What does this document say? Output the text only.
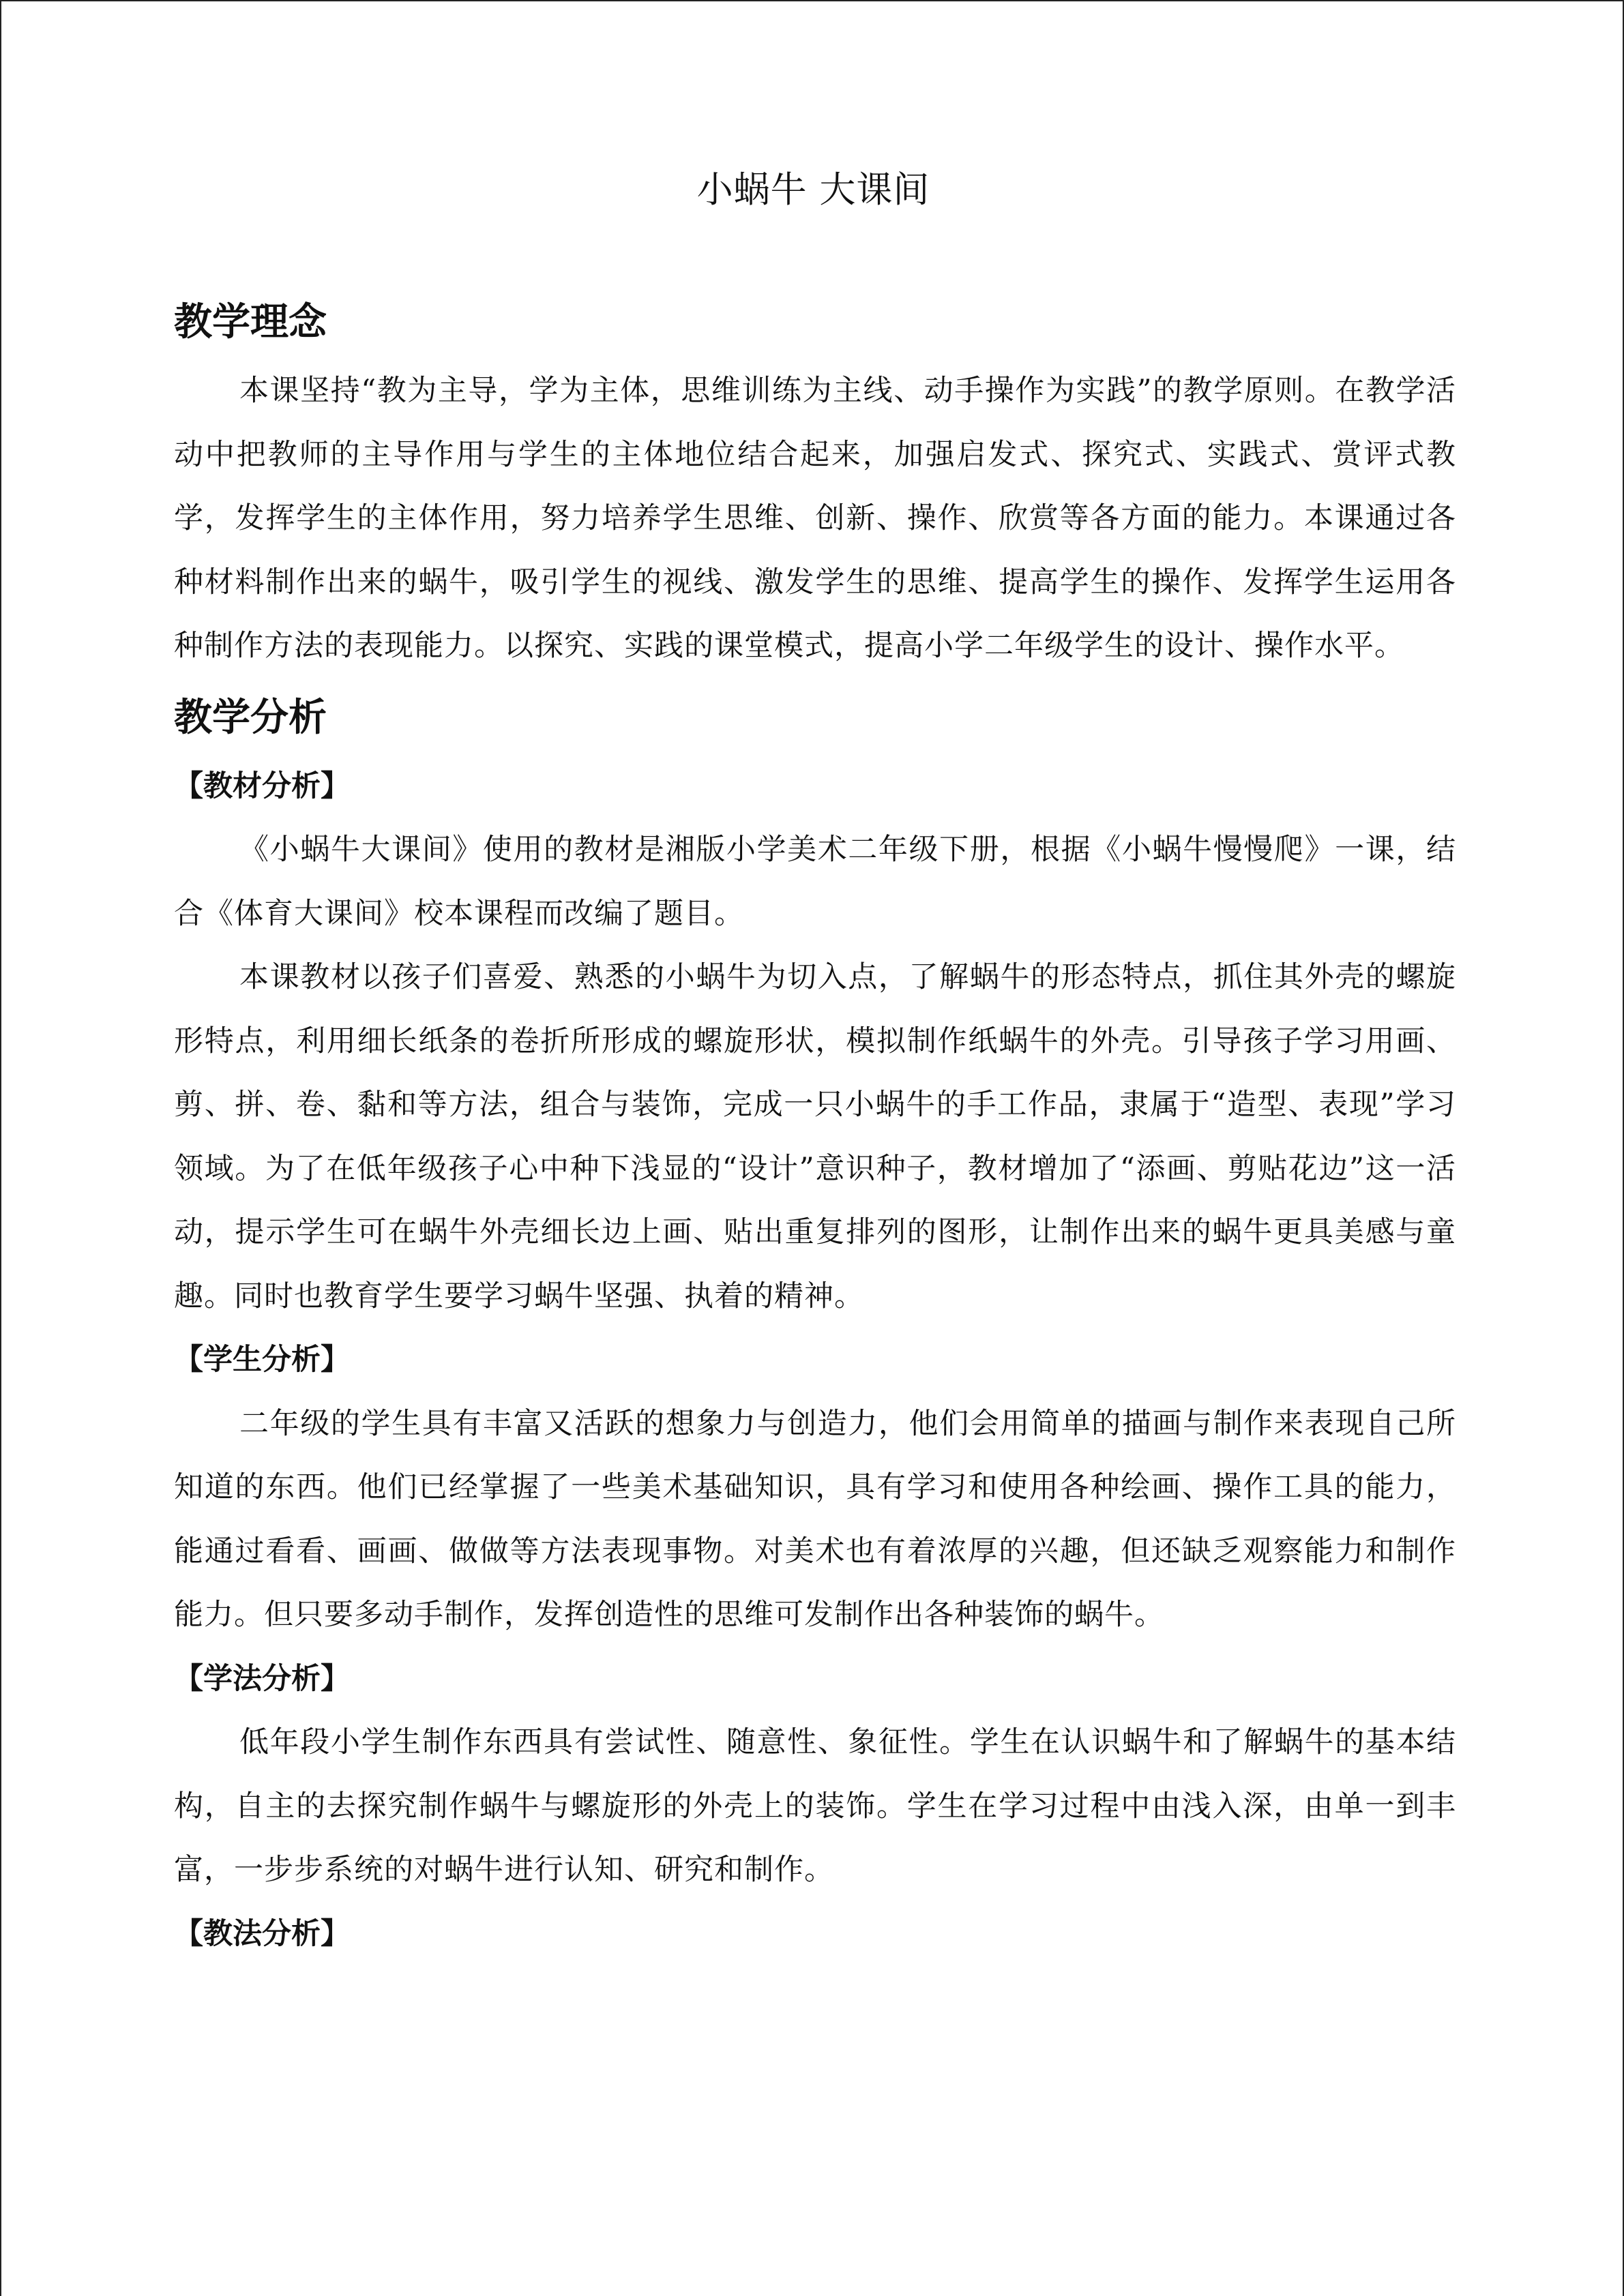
小蜗牛 大课间
教学理念

本课坚持“教为主导，学为主体，思维训练为主线、动手操作为实践”的教学原则。在教学活动中把教师的主导作用与学生的主体地位结合起来，加强启发式、探究式、实践式、赏评式教学，发挥学生的主体作用，努力培养学生思维、创新、操作、欣赏等各方面的能力。本课通过各种材料制作出来的蜗牛，吸引学生的视线、激发学生的思维、提高学生的操作、发挥学生运用各种制作方法的表现能力。以探究、实践的课堂模式，提高小学二年级学生的设计、操作水平。

教学分析
【教材分析】

《小蜗牛大课间》使用的教材是湘版小学美术二年级下册，根据《小蜗牛慢慢爬》一课，结合《体育大课间》校本课程而改编了题目。

本课教材以孩子们喜爱、熟悉的小蜗牛为切入点，了解蜗牛的形态特点，抓住其外壳的螺旋形特点，利用细长纸条的卷折所形成的螺旋形状，模拟制作纸蜗牛的外壳。引导孩子学习用画、剪、拼、卷、黏和等方法，组合与装饰，完成一只小蜗牛的手工作品，隶属于“造型、表现”学习领域。为了在低年级孩子心中种下浅显的“设计”意识种子，教材增加了“添画、剪贴花边”这一活动，提示学生可在蜗牛外壳细长边上画、贴出重复排列的图形，让制作出来的蜗牛更具美感与童趣。同时也教育学生要学习蜗牛坚强、执着的精神。

【学生分析】

二年级的学生具有丰富又活跃的想象力与创造力，他们会用简单的描画与制作来表现自己所知道的东西。他们已经掌握了一些美术基础知识，具有学习和使用各种绘画、操作工具的能力，能通过看看、画画、做做等方法表现事物。对美术也有着浓厚的兴趣，但还缺乏观察能力和制作能力。但只要多动手制作，发挥创造性的思维可发制作出各种装饰的蜗牛。

【学法分析】

低年段小学生制作东西具有尝试性、随意性、象征性。学生在认识蜗牛和了解蜗牛的基本结构，自主的去探究制作蜗牛与螺旋形的外壳上的装饰。学生在学习过程中由浅入深，由单一到丰富，一步步系统的对蜗牛进行认知、研究和制作。

【教法分析】
